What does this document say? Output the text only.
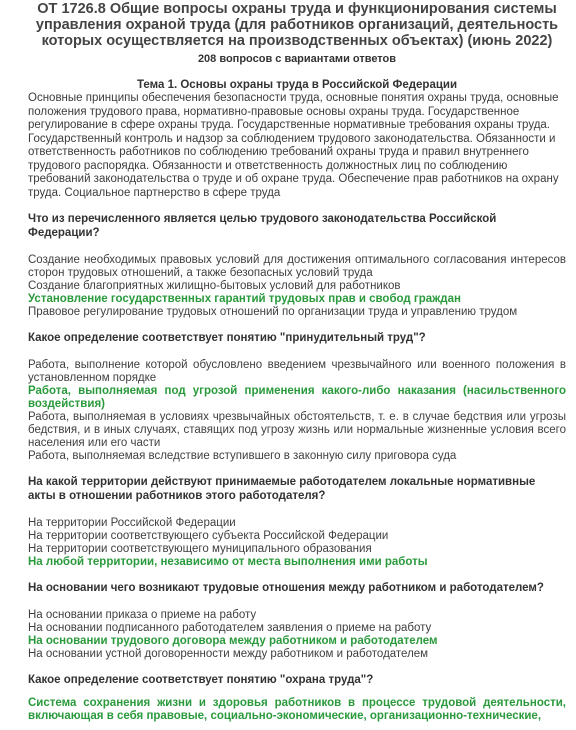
ОТ 1726.8 Общие вопросы охраны труда и функционирования системы управления охраной труда (для работников организаций, деятельность которых осуществляется на производственных объектах) (июнь 2022)
208 вопросов с вариантами ответов
Тема 1. Основы охраны труда в Российской Федерации
Основные принципы обеспечения безопасности труда, основные понятия охраны труда, основные положения трудового права, нормативно-правовые основы охраны труда. Государственное регулирование в сфере охраны труда. Государственные нормативные требования охраны труда. Государственный контроль и надзор за соблюдением трудового законодательства. Обязанности и ответственность работников по соблюдению требований охраны труда и правил внутреннего трудового распорядка. Обязанности и ответственность должностных лиц по соблюдению требований законодательства о труде и об охране труда. Обеспечение прав работников на охрану труда. Социальное партнерство в сфере труда
Что из перечисленного является целью трудового законодательства Российской Федерации?
Создание необходимых правовых условий для достижения оптимального согласования интересов сторон трудовых отношений, а также безопасных условий труда
Создание благоприятных жилищно-бытовых условий для работников
Установление государственных гарантий трудовых прав и свобод граждан
Правовое регулирование трудовых отношений по организации труда и управлению трудом
Какое определение соответствует понятию "принудительный труд"?
Работа, выполнение которой обусловлено введением чрезвычайного или военного положения в установленном порядке
Работа, выполняемая под угрозой применения какого-либо наказания (насильственного воздействия)
Работа, выполняемая в условиях чрезвычайных обстоятельств, т. е. в случае бедствия или угрозы бедствия, и в иных случаях, ставящих под угрозу жизнь или нормальные жизненные условия всего населения или его части
Работа, выполняемая вследствие вступившего в законную силу приговора суда
На какой территории действуют принимаемые работодателем локальные нормативные акты в отношении работников этого работодателя?
На территории Российской Федерации
На территории соответствующего субъекта Российской Федерации
На территории соответствующего муниципального образования
На любой территории, независимо от места выполнения ими работы
На основании чего возникают трудовые отношения между работником и работодателем?
На основании приказа о приеме на работу
На основании подписанного работодателем заявления о приеме на работу
На основании трудового договора между работником и работодателем
На основании устной договоренности между работником и работодателем
Какое определение соответствует понятию "охрана труда"?
Система сохранения жизни и здоровья работников в процессе трудовой деятельности, включающая в себя правовые, социально-экономические, организационно-технические,
